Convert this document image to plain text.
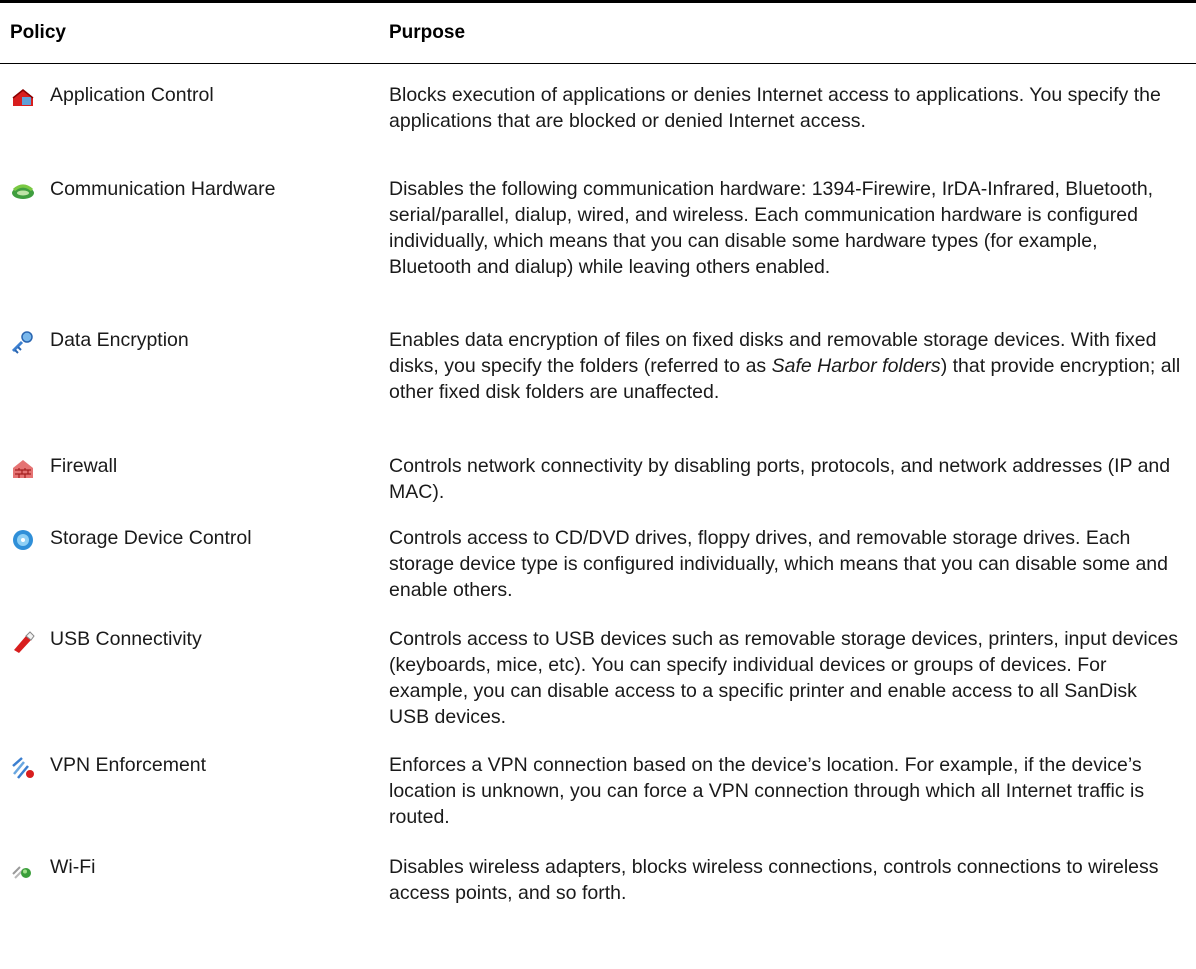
Policy	Purpose
Application Control	Blocks execution of applications or denies Internet access to applications. You specify the applications that are blocked or denied Internet access.
Communication Hardware	Disables the following communication hardware: 1394-Firewire, IrDA-Infrared, Bluetooth, serial/parallel, dialup, wired, and wireless. Each communication hardware is configured individually, which means that you can disable some hardware types (for example, Bluetooth and dialup) while leaving others enabled.
Data Encryption	Enables data encryption of files on fixed disks and removable storage devices. With fixed disks, you specify the folders (referred to as Safe Harbor folders) that provide encryption; all other fixed disk folders are unaffected.
Firewall	Controls network connectivity by disabling ports, protocols, and network addresses (IP and MAC).
Storage Device Control	Controls access to CD/DVD drives, floppy drives, and removable storage drives. Each storage device type is configured individually, which means that you can disable some and enable others.
USB Connectivity	Controls access to USB devices such as removable storage devices, printers, input devices (keyboards, mice, etc). You can specify individual devices or groups of devices. For example, you can disable access to a specific printer and enable access to all SanDisk USB devices.
VPN Enforcement	Enforces a VPN connection based on the device’s location. For example, if the device’s location is unknown, you can force a VPN connection through which all Internet traffic is routed.
Wi-Fi	Disables wireless adapters, blocks wireless connections, controls connections to wireless access points, and so forth.
